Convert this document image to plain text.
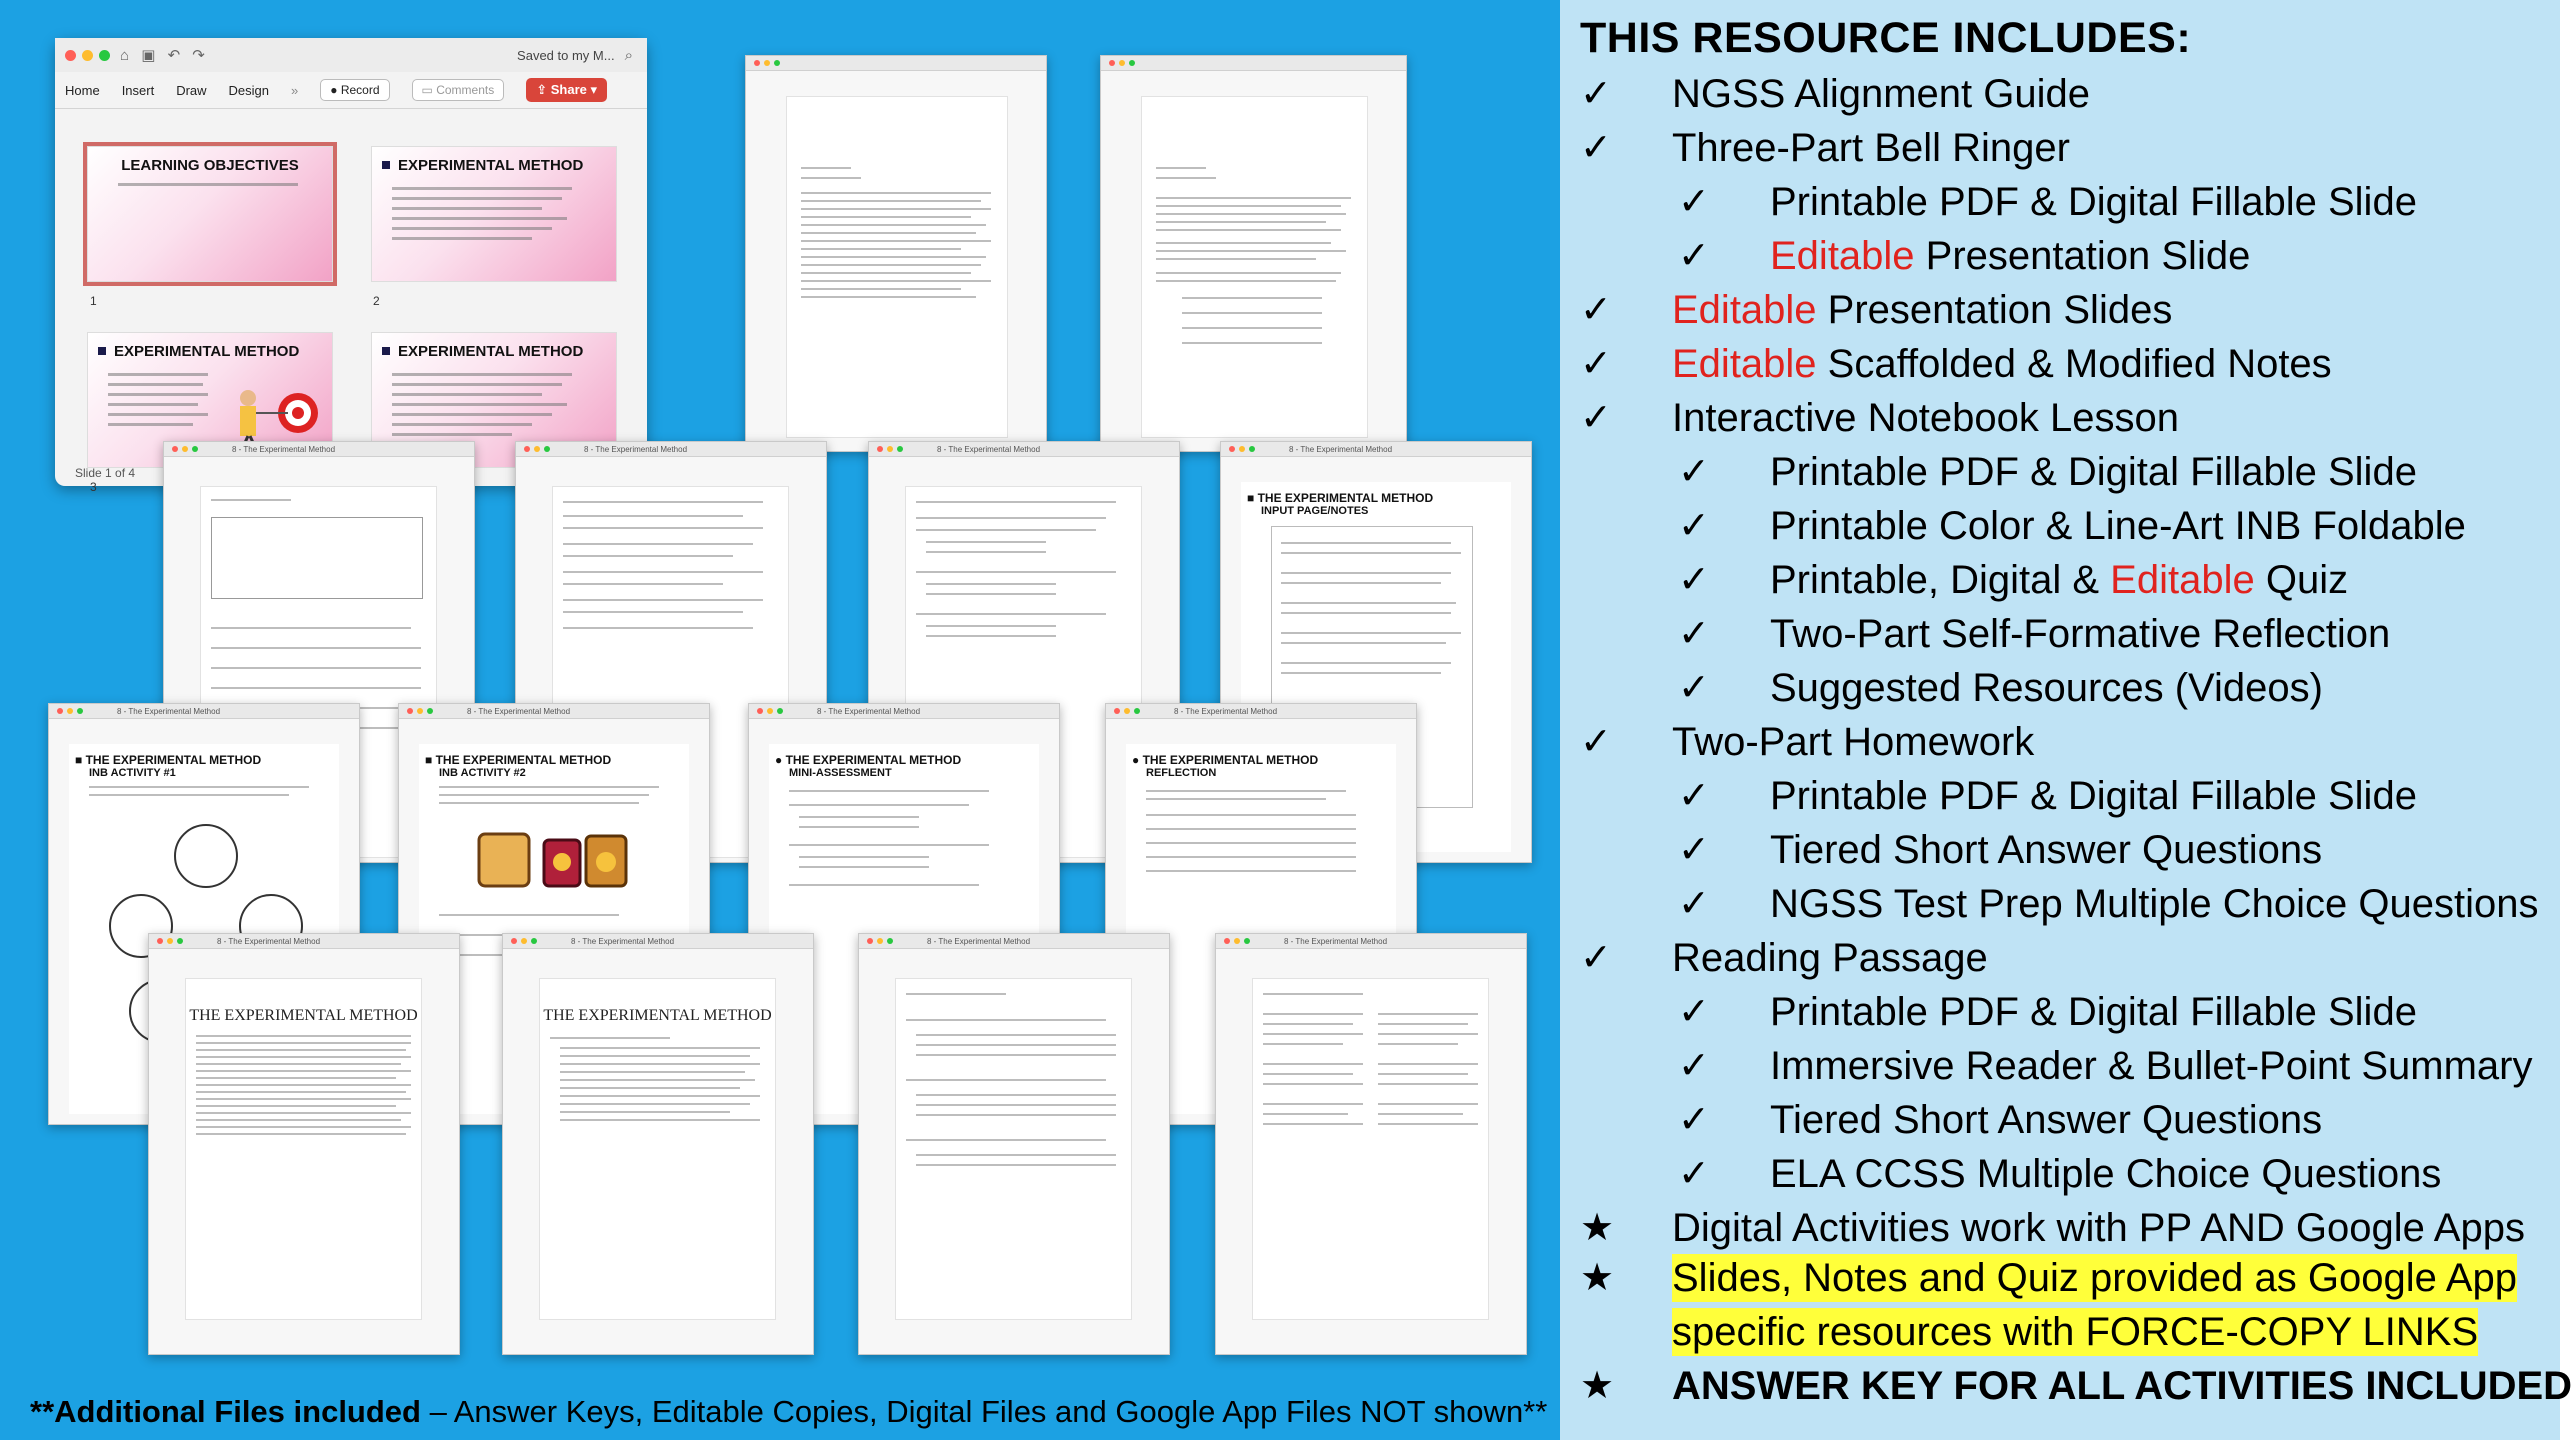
⌂ ▣ ↶ ↷	Saved to my M... ⌕
Home Insert Draw Design »	● Record	▭ Comments	⇪ Share ▾
LEARNING OBJECTIVES
1
EXPERIMENTAL METHOD
2
EXPERIMENTAL METHOD
3
EXPERIMENTAL METHOD
Slide 1 of 4
8 - The Experimental Method	8 - The Experimental Method	8 - The Experimental Method	8 - The Experimental Method
■ THE EXPERIMENTAL METHOD
INPUT PAGE/NOTES
8 - The Experimental Method
■ THE EXPERIMENTAL METHOD
INB ACTIVITY #1
8 - The Experimental Method
■ THE EXPERIMENTAL METHOD
INB ACTIVITY #2
8 - The Experimental Method
● THE EXPERIMENTAL METHOD
MINI-ASSESSMENT
8 - The Experimental Method
● THE EXPERIMENTAL METHOD
REFLECTION
8 - The Experimental Method
THE EXPERIMENTAL METHOD
8 - The Experimental Method
THE EXPERIMENTAL METHOD
8 - The Experimental Method	8 - The Experimental Method
**Additional Files included – Answer Keys, Editable Copies, Digital Files and Google App Files NOT shown**
THIS RESOURCE INCLUDES:
✓ NGSS Alignment Guide
✓ Three-Part Bell Ringer
✓ Printable PDF & Digital Fillable Slide
✓ Editable Presentation Slide
✓ Editable Presentation Slides
✓ Editable Scaffolded & Modified Notes
✓ Interactive Notebook Lesson
✓ Printable PDF & Digital Fillable Slide
✓ Printable Color & Line-Art INB Foldable
✓ Printable, Digital & Editable Quiz
✓ Two-Part Self-Formative Reflection
✓ Suggested Resources (Videos)
✓ Two-Part Homework
✓ Printable PDF & Digital Fillable Slide
✓ Tiered Short Answer Questions
✓ NGSS Test Prep Multiple Choice Questions
✓ Reading Passage
✓ Printable PDF & Digital Fillable Slide
✓ Immersive Reader & Bullet-Point Summary
✓ Tiered Short Answer Questions
✓ ELA CCSS Multiple Choice Questions
★ Digital Activities work with PP AND Google Apps
★ Slides, Notes and Quiz provided as Google App
specific resources with FORCE-COPY LINKS
★ ANSWER KEY FOR ALL ACTIVITIES INCLUDED
